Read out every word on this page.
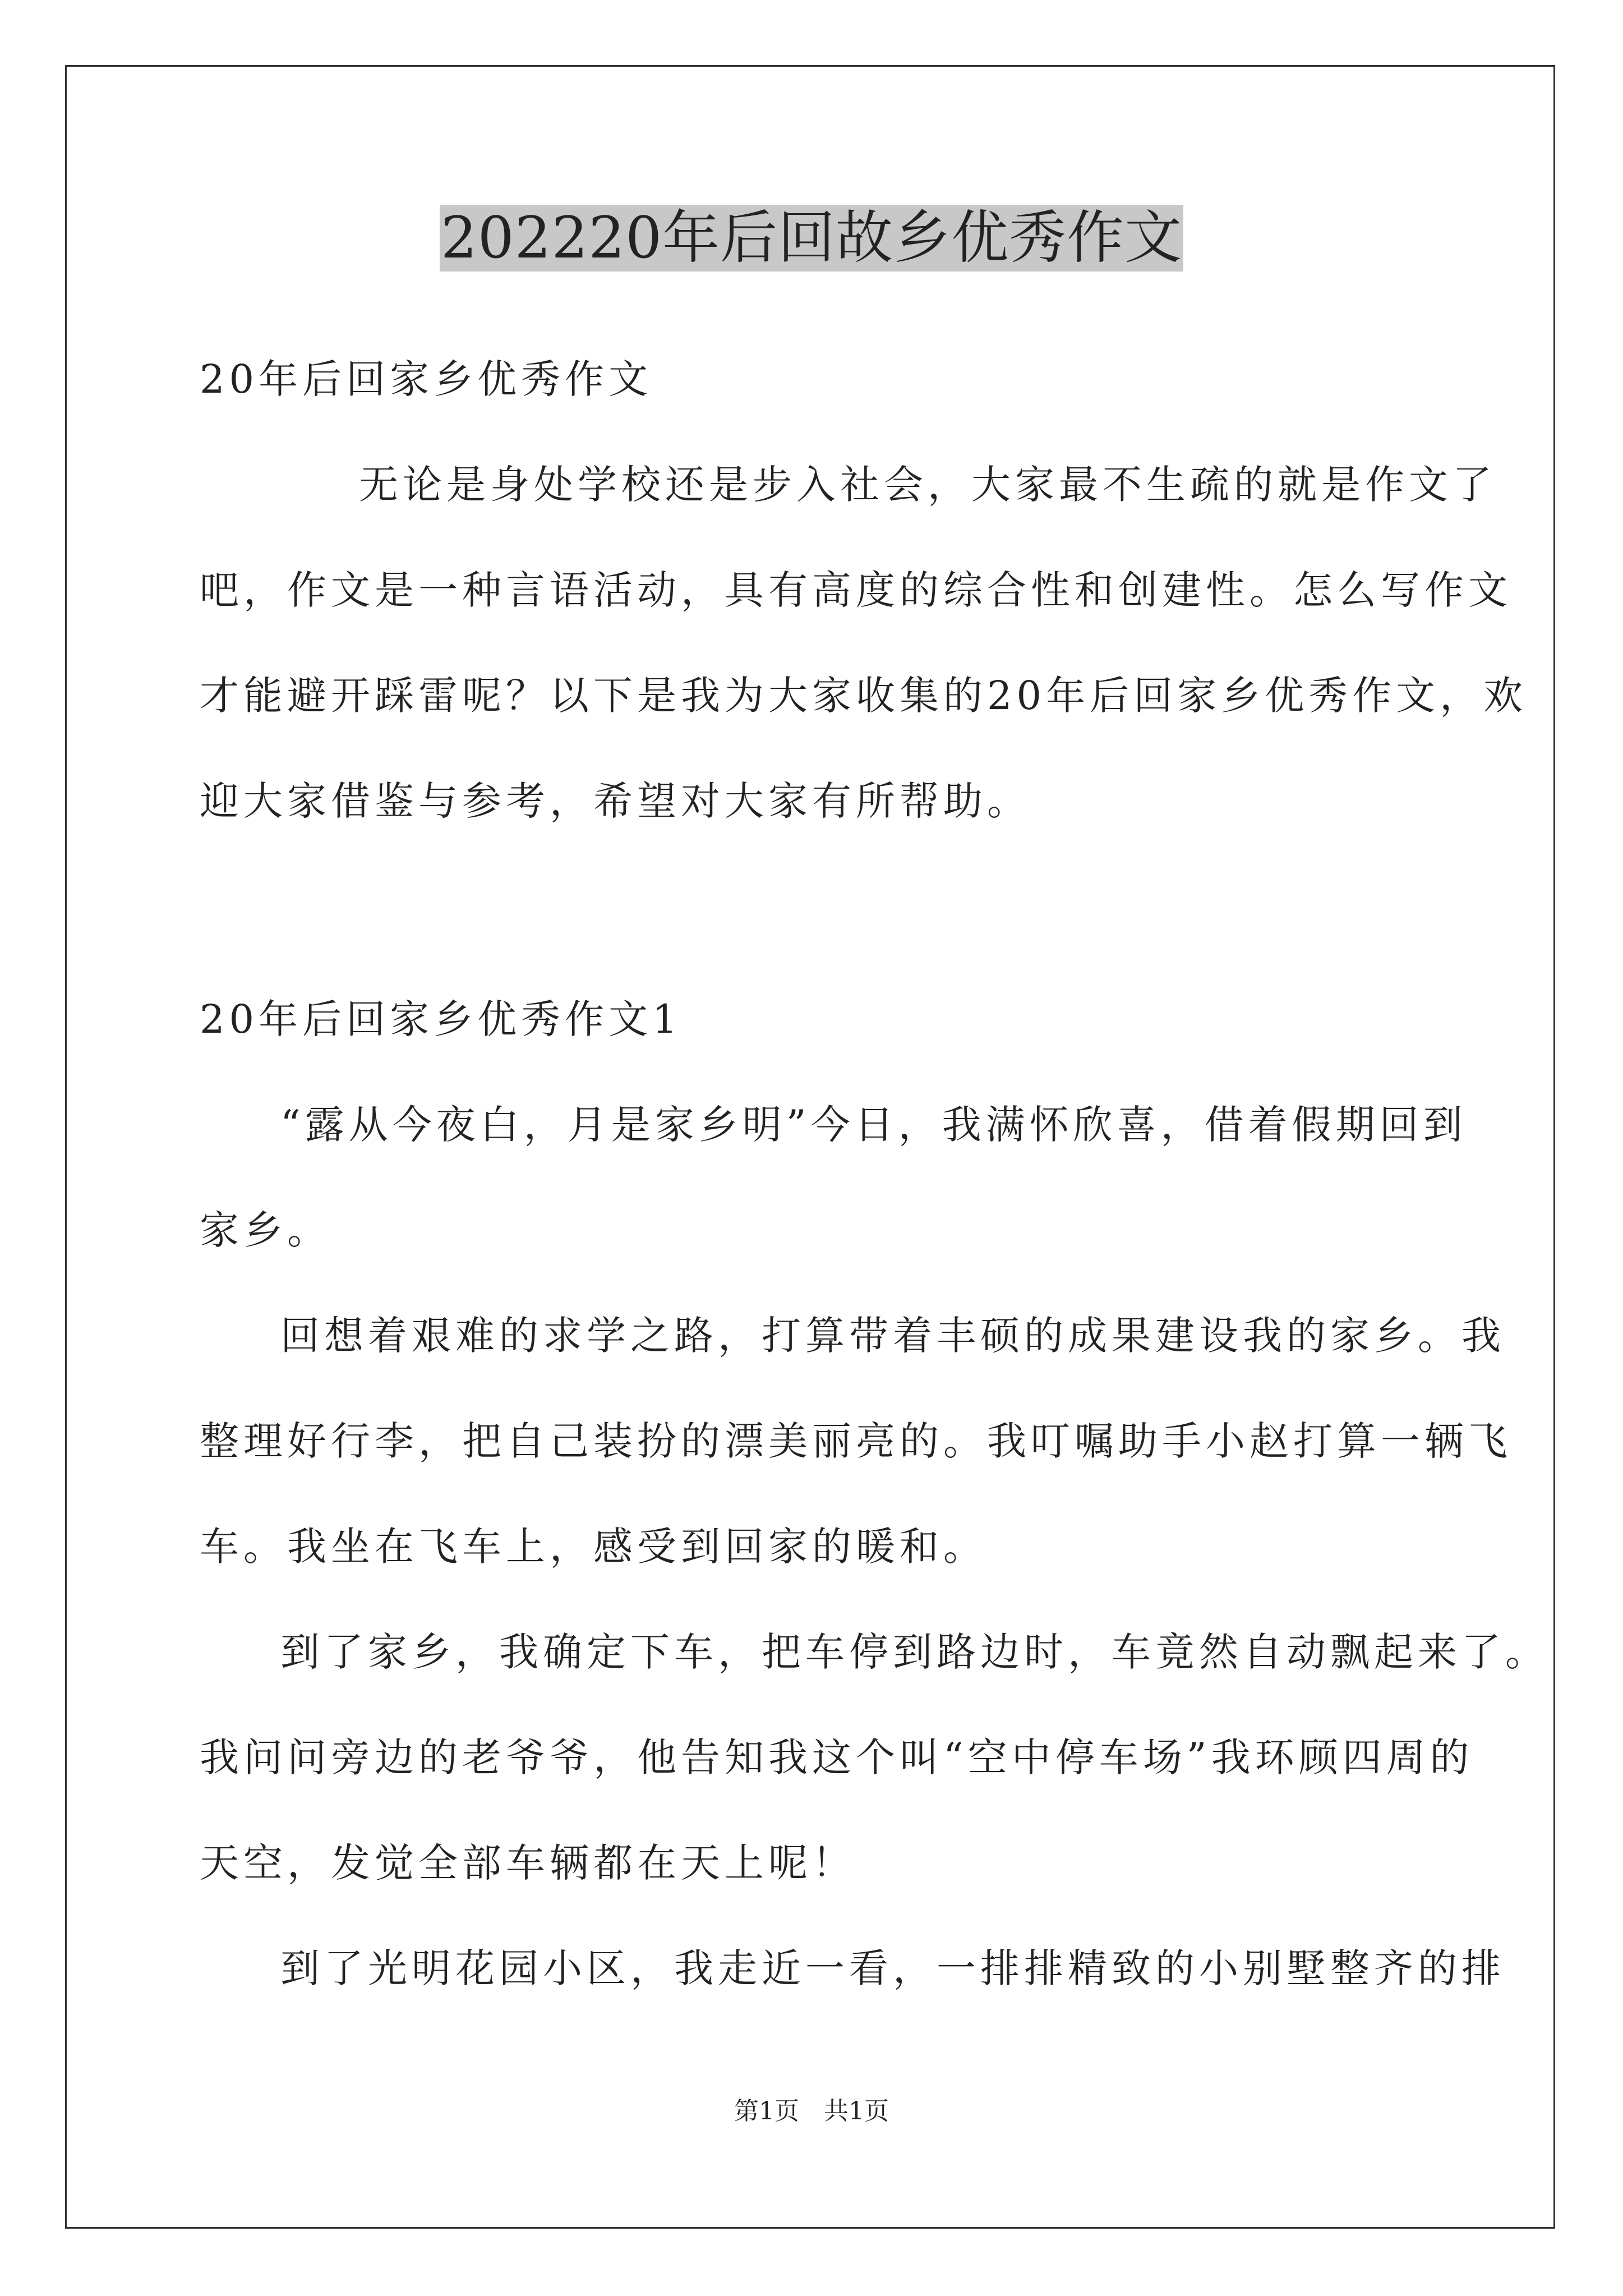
202220年后回故乡优秀作文
20年后回家乡优秀作文
无论是身处学校还是步入社会，大家最不生疏的就是作文了
吧，作文是一种言语活动，具有高度的综合性和创建性。怎么写作文
才能避开踩雷呢？以下是我为大家收集的20年后回家乡优秀作文，欢
迎大家借鉴与参考，希望对大家有所帮助。
20年后回家乡优秀作文1
“露从今夜白，月是家乡明”今日，我满怀欣喜，借着假期回到
家乡。
回想着艰难的求学之路，打算带着丰硕的成果建设我的家乡。我
整理好行李，把自己装扮的漂美丽亮的。我叮嘱助手小赵打算一辆飞
车。我坐在飞车上，感受到回家的暖和。
到了家乡，我确定下车，把车停到路边时，车竟然自动飘起来了。
我问问旁边的老爷爷，他告知我这个叫“空中停车场”我环顾四周的
天空，发觉全部车辆都在天上呢！
到了光明花园小区，我走近一看，一排排精致的小别墅整齐的排
第1页　共1页
